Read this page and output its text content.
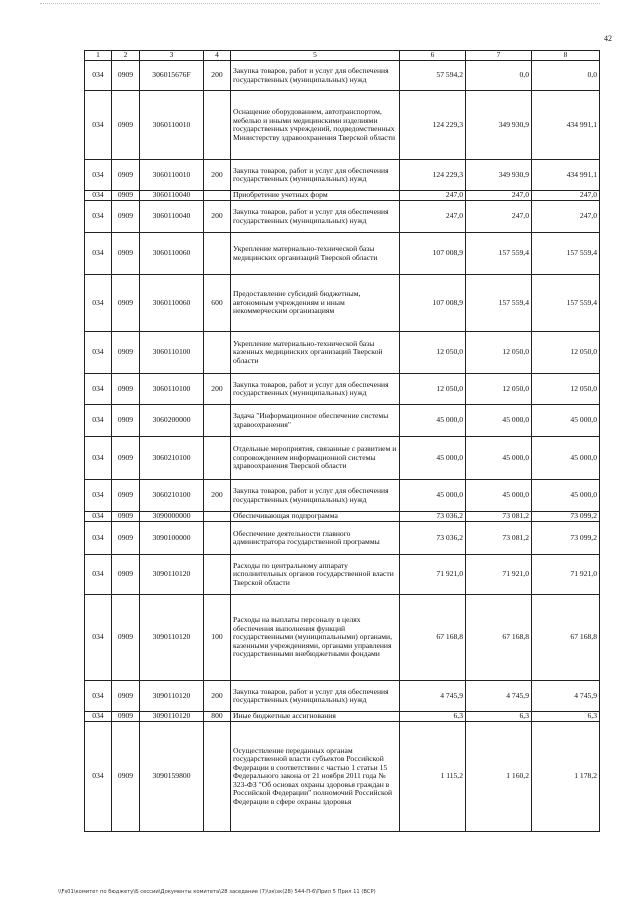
42
1	2	3	4	5	6	7	8
034	0909	306015676F	200	Закупка товаров, работ и услуг для обеспечения государственных (муниципальных) нужд	57 594,2	0,0	0,0
034	0909	3060110010		Оснащение оборудованием, автотранспортом, мебелью и иными медицинскими изделиями государственных учреждений, подведомственных Министерству здравоохранения Тверской области	124 229,3	349 930,9	434 991,1
034	0909	3060110010	200	Закупка товаров, работ и услуг для обеспечения государственных (муниципальных) нужд	124 229,3	349 930,9	434 991,1
034	0909	3060110040		Приобретение учетных форм	247,0	247,0	247,0
034	0909	3060110040	200	Закупка товаров, работ и услуг для обеспечения государственных (муниципальных) нужд	247,0	247,0	247,0
034	0909	3060110060		Укрепление материально-технической базы медицинских организаций Тверской области	107 008,9	157 559,4	157 559,4
034	0909	3060110060	600	Предоставление субсидий бюджетным, автономным учреждениям и иным некоммерческим организациям	107 008,9	157 559,4	157 559,4
034	0909	3060110100		Укрепление материально-технической базы казенных медицинских организаций Тверской области	12 050,0	12 050,0	12 050,0
034	0909	3060110100	200	Закупка товаров, работ и услуг для обеспечения государственных (муниципальных) нужд	12 050,0	12 050,0	12 050,0
034	0909	3060200000		Задача "Информационное обеспечение системы здравоохранения"	45 000,0	45 000,0	45 000,0
034	0909	3060210100		Отдельные мероприятия, связанные с развитием и сопровождением информационной системы здравоохранения Тверской области	45 000,0	45 000,0	45 000,0
034	0909	3060210100	200	Закупка товаров, работ и услуг для обеспечения государственных (муниципальных) нужд	45 000,0	45 000,0	45 000,0
034	0909	3090000000		Обеспечивающая подпрограмма	73 036,2	73 081,2	73 099,2
034	0909	3090100000		Обеспечение деятельности главного администратора государственной программы	73 036,2	73 081,2	73 099,2
034	0909	3090110120		Расходы по центральному аппарату исполнительных органов государственной власти Тверской области	71 921,0	71 921,0	71 921,0
034	0909	3090110120	100	Расходы на выплаты персоналу в целях обеспечения выполнения функций государственными (муниципальными) органами, казенными учреждениями, органами управления государственными внебюджетными фондами	67 168,8	67 168,8	67 168,8
034	0909	3090110120	200	Закупка товаров, работ и услуг для обеспечения государственных (муниципальных) нужд	4 745,9	4 745,9	4 745,9
034	0909	3090110120	800	Иные бюджетные ассигнования	6,3	6,3	6,3
034	0909	3090159800		Осуществление переданных органам государственной власти субъектов Российской Федерации в соответствии с частью 1 статьи 15 Федерального закона от 21 ноября 2011 года № 323-ФЗ "Об основах охраны здоровья граждан в Российской Федерации" полномочий Российской Федерации в сфере охраны здоровья	1 115,2	1 160,2	1 178,2
\\Fs01\комитет по бюджету\Б сессии\Документы комитета\28 заседание (7)\зк\зк(28) 544-П-6\Прил 5 Прил 11 (ВСР)
